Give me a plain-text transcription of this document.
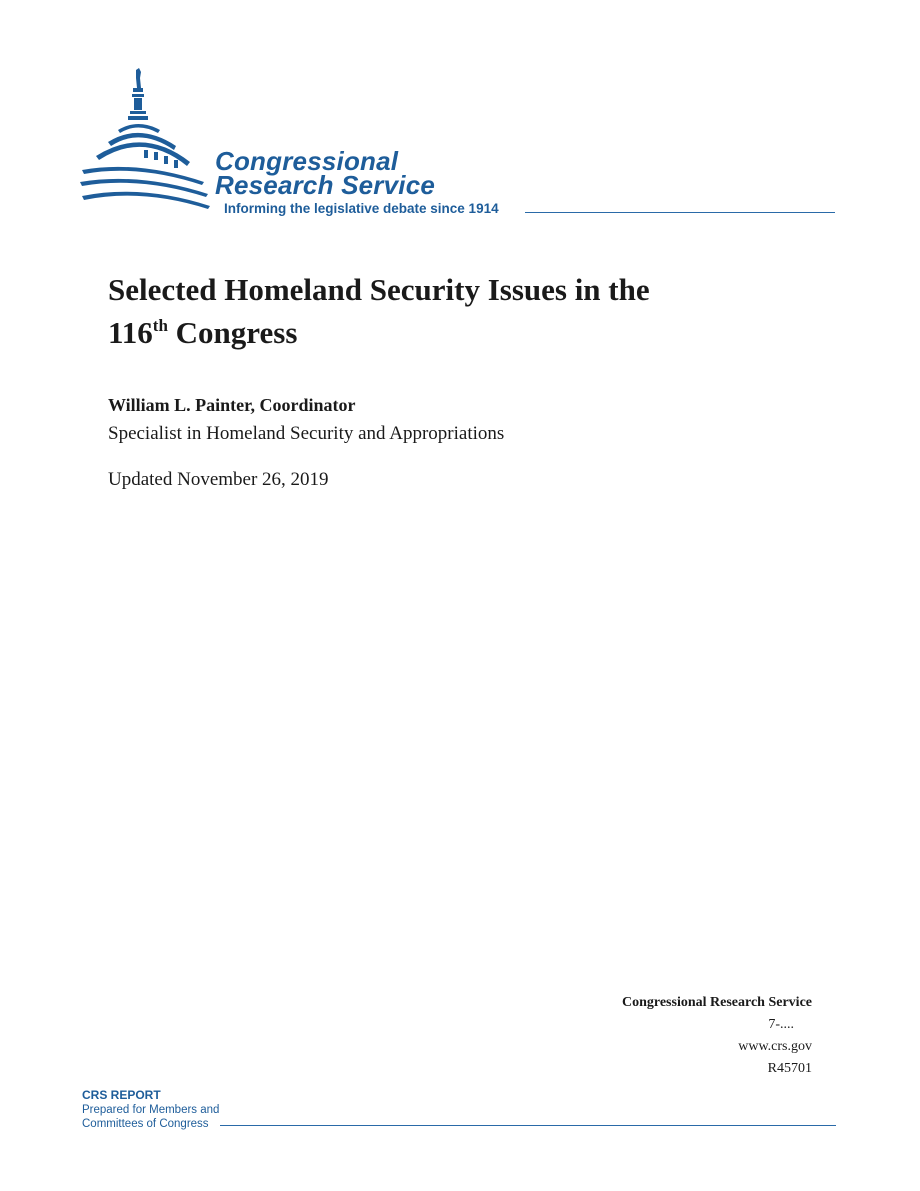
Congressional
Research Service
Informing the legislative debate since 1914
Selected Homeland Security Issues in the
116th Congress
William L. Painter, Coordinator
Specialist in Homeland Security and Appropriations
Updated November 26, 2019
Congressional Research Service
7-....
www.crs.gov
R45701
CRS REPORT
Prepared for Members and
Committees of Congress
